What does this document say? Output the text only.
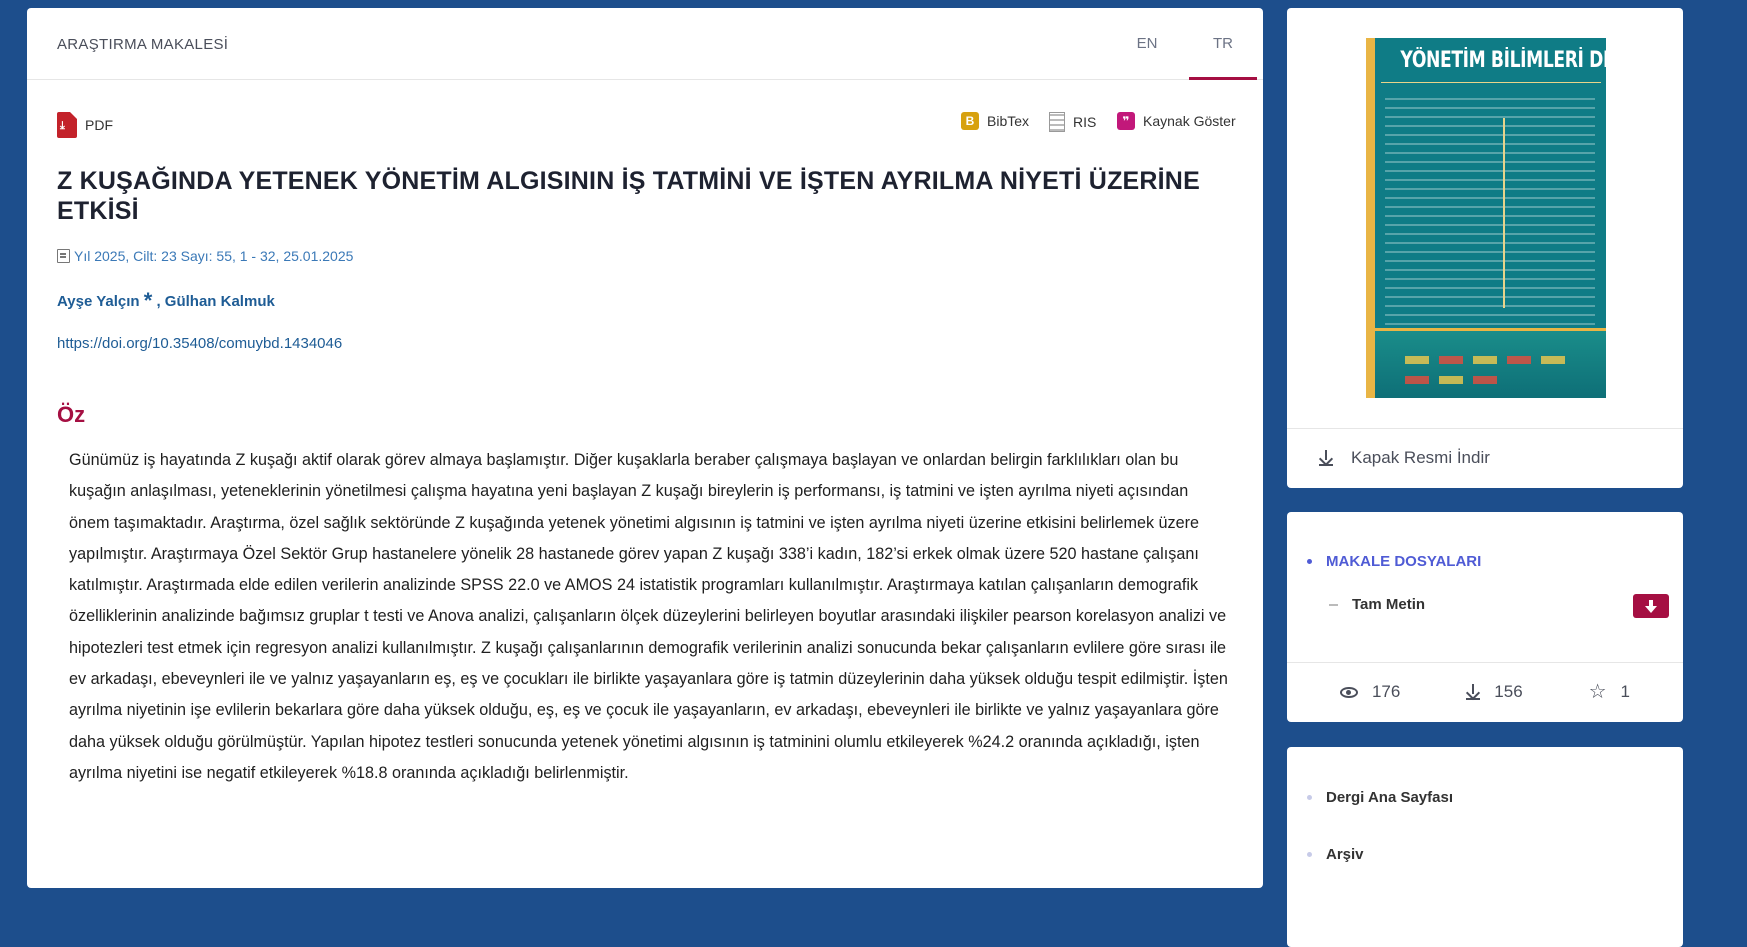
ARAŞTIRMA MAKALESİ	EN	TR
⤓ PDF	B BibTex	RIS	❞ Kaynak Göster
Z KUŞAĞINDA YETENEK YÖNETİM ALGISININ İŞ TATMİNİ VE İŞTEN AYRILMA NİYETİ ÜZERİNE ETKİSİ
Yıl 2025, Cilt: 23 Sayı: 55, 1 - 32, 25.01.2025
Ayşe Yalçın * , Gülhan Kalmuk
https://doi.org/10.35408/comuybd.1434046
Öz

Günümüz iş hayatında Z kuşağı aktif olarak görev almaya başlamıştır. Diğer kuşaklarla beraber çalışmaya başlayan ve onlardan belirgin farklılıkları olan bu kuşağın anlaşılması, yeteneklerinin yönetilmesi çalışma hayatına yeni başlayan Z kuşağı bireylerin iş performansı, iş tatmini ve işten ayrılma niyeti açısından önem taşımaktadır. Araştırma, özel sağlık sektöründe Z kuşağında yetenek yönetimi algısının iş tatmini ve işten ayrılma niyeti üzerine etkisini belirlemek üzere yapılmıştır. Araştırmaya Özel Sektör Grup hastanelere yönelik 28 hastanede görev yapan Z kuşağı 338’i kadın, 182’si erkek olmak üzere 520 hastane çalışanı katılmıştır. Araştırmada elde edilen verilerin analizinde SPSS 22.0 ve AMOS 24 istatistik programları kullanılmıştır. Araştırmaya katılan çalışanların demografik özelliklerinin analizinde bağımsız gruplar t testi ve Anova analizi, çalışanların ölçek düzeylerini belirleyen boyutlar arasındaki ilişkiler pearson korelasyon analizi ve hipotezleri test etmek için regresyon analizi kullanılmıştır. Z kuşağı çalışanlarının demografik verilerinin analizi sonucunda bekar çalışanların evlilere göre sırası ile ev arkadaşı, ebeveynleri ile ve yalnız yaşayanların eş, eş ve çocukları ile birlikte yaşayanlara göre iş tatmin düzeylerinin daha yüksek olduğu tespit edilmiştir. İşten ayrılma niyetinin işe evlilerin bekarlara göre daha yüksek olduğu, eş, eş ve çocuk ile yaşayanların, ev arkadaşı, ebeveynleri ile birlikte ve yalnız yaşayanlara göre daha yüksek olduğu görülmüştür. Yapılan hipotez testleri sonucunda yetenek yönetimi algısının iş tatminini olumlu etkileyerek %24.2 oranında açıkladığı, işten ayrılma niyetini ise negatif etkileyerek %18.8 oranında açıkladığı belirlenmiştir.

YÖNETİM BİLİMLERİ DERGİSİ
Kapak Resmi İndir
MAKALE DOSYALARI
Tam Metin
176	156	☆ 1
Dergi Ana Sayfası
Arşiv
